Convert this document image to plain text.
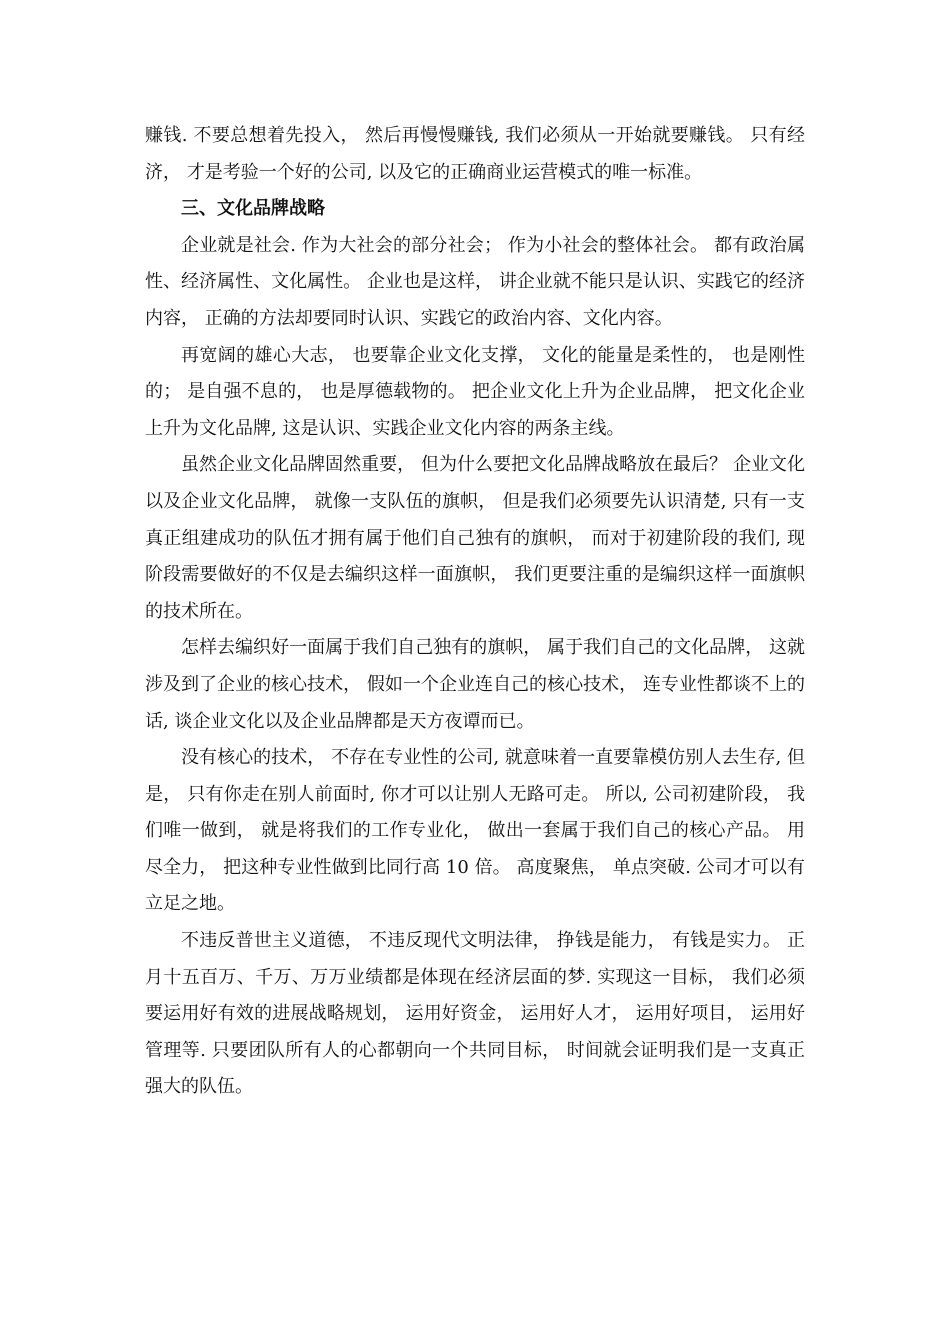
赚钱. 不要总想着先投入， 然后再慢慢赚钱, 我们必须从一开始就要赚钱。 只有经济， 才是考验一个好的公司, 以及它的正确商业运营模式的唯一标准。

三、文化品牌战略

企业就是社会. 作为大社会的部分社会； 作为小社会的整体社会。 都有政治属性、经济属性、文化属性。 企业也是这样， 讲企业就不能只是认识、实践它的经济内容， 正确的方法却要同时认识、实践它的政治内容、文化内容。

再宽阔的雄心大志， 也要靠企业文化支撑， 文化的能量是柔性的， 也是刚性的； 是自强不息的， 也是厚德载物的。 把企业文化上升为企业品牌， 把文化企业上升为文化品牌, 这是认识、实践企业文化内容的两条主线。

虽然企业文化品牌固然重要， 但为什么要把文化品牌战略放在最后？ 企业文化以及企业文化品牌， 就像一支队伍的旗帜， 但是我们必须要先认识清楚, 只有一支真正组建成功的队伍才拥有属于他们自己独有的旗帜， 而对于初建阶段的我们, 现阶段需要做好的不仅是去编织这样一面旗帜， 我们更要注重的是编织这样一面旗帜的技术所在。

怎样去编织好一面属于我们自己独有的旗帜， 属于我们自己的文化品牌， 这就涉及到了企业的核心技术， 假如一个企业连自己的核心技术， 连专业性都谈不上的话, 谈企业文化以及企业品牌都是天方夜谭而已。

没有核心的技术， 不存在专业性的公司, 就意味着一直要靠模仿别人去生存, 但是， 只有你走在别人前面时, 你才可以让别人无路可走。 所以, 公司初建阶段， 我们唯一做到， 就是将我们的工作专业化， 做出一套属于我们自己的核心产品。 用尽全力， 把这种专业性做到比同行高 10 倍。 高度聚焦， 单点突破. 公司才可以有立足之地。

不违反普世主义道德， 不违反现代文明法律， 挣钱是能力， 有钱是实力。 正月十五百万、千万、万万业绩都是体现在经济层面的梦. 实现这一目标， 我们必须要运用好有效的进展战略规划， 运用好资金， 运用好人才， 运用好项目， 运用好管理等. 只要团队所有人的心都朝向一个共同目标， 时间就会证明我们是一支真正强大的队伍。
